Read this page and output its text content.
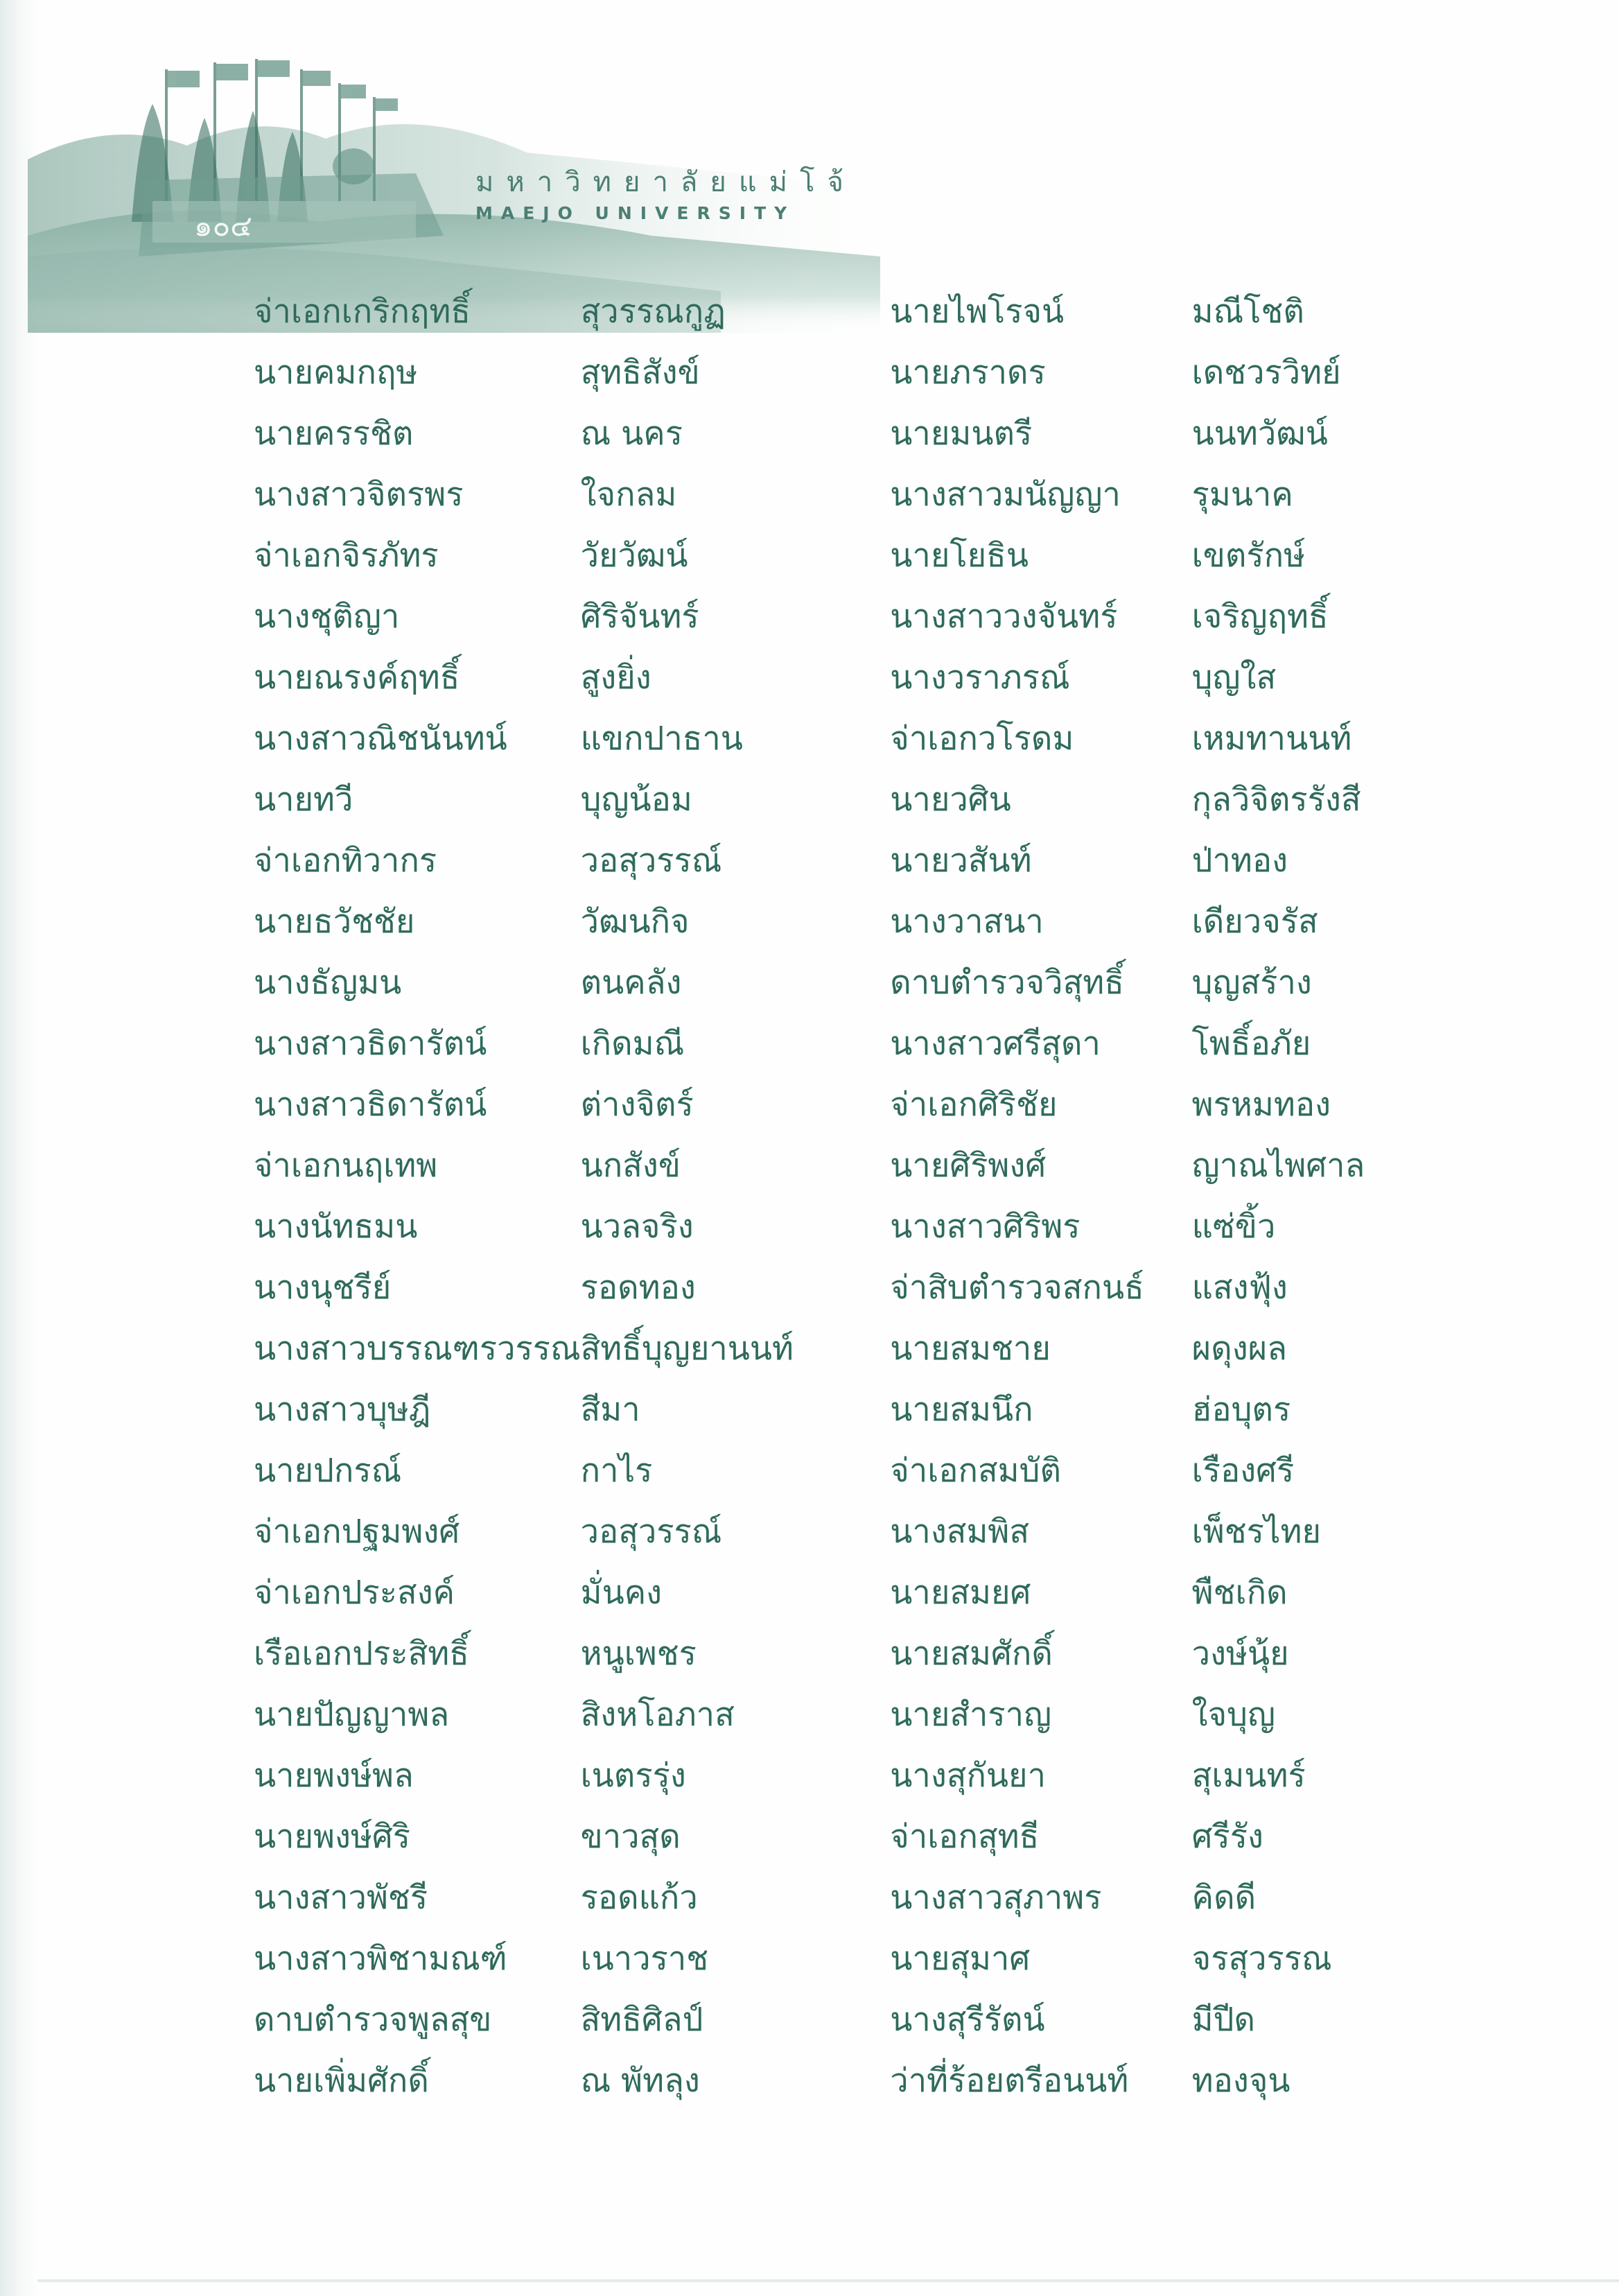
๑๐๔
มหาวิทยาลัยแม่โจ้
MAEJO UNIVERSITY
จ่าเอกเกริกฤทธิ์	สุวรรณกูฏ	นายไพโรจน์	มณีโชติ
นายคมกฤษ	สุทธิสังข์	นายภราดร	เดชวรวิทย์
นายครรชิต	ณ นคร	นายมนตรี	นนทวัฒน์
นางสาวจิตรพร	ใจกลม	นางสาวมนัญญา	รุมนาค
จ่าเอกจิรภัทร	วัยวัฒน์	นายโยธิน	เขตรักษ์
นางชุติญา	ศิริจันทร์	นางสาววงจันทร์	เจริญฤทธิ์
นายณรงค์ฤทธิ์	สูงยิ่ง	นางวราภรณ์	บุญใส
นางสาวณิชนันทน์	แขกปาธาน	จ่าเอกวโรดม	เหมทานนท์
นายทวี	บุญน้อม	นายวศิน	กุลวิจิตรรังสี
จ่าเอกทิวากร	วอสุวรรณ์	นายวสันท์	ป่าทอง
นายธวัชชัย	วัฒนกิจ	นางวาสนา	เดียวจรัส
นางธัญมน	ตนคลัง	ดาบตำรวจวิสุทธิ์	บุญสร้าง
นางสาวธิดารัตน์	เกิดมณี	นางสาวศรีสุดา	โพธิ์อภัย
นางสาวธิดารัตน์	ต่างจิตร์	จ่าเอกศิริชัย	พรหมทอง
จ่าเอกนฤเทพ	นกสังข์	นายศิริพงศ์	ญาณไพศาล
นางนัทธมน	นวลจริง	นางสาวศิริพร	แซ่ขิ้ว
นางนุชรีย์	รอดทอง	จ่าสิบตำรวจสกนธ์	แสงฟุ้ง
นางสาวบรรณฑรวรรณ	สิทธิ์บุญยานนท์	นายสมชาย	ผดุงผล
นางสาวบุษฎี	สีมา	นายสมนึก	ฮ่อบุตร
นายปกรณ์	กาไร	จ่าเอกสมบัติ	เรืองศรี
จ่าเอกปฐมพงศ์	วอสุวรรณ์	นางสมพิส	เพ็ชรไทย
จ่าเอกประสงค์	มั่นคง	นายสมยศ	พืชเกิด
เรือเอกประสิทธิ์	หนูเพชร	นายสมศักดิ์	วงษ์นุ้ย
นายปัญญาพล	สิงหโอภาส	นายสำราญ	ใจบุญ
นายพงษ์พล	เนตรรุ่ง	นางสุกันยา	สุเมนทร์
นายพงษ์ศิริ	ขาวสุด	จ่าเอกสุทธี	ศรีรัง
นางสาวพัชรี	รอดแก้ว	นางสาวสุภาพร	คิดดี
นางสาวพิชามณฑ์	เนาวราช	นายสุมาศ	จรสุวรรณ
ดาบตำรวจพูลสุข	สิทธิศิลป์	นางสุรีรัตน์	มีปีด
นายเพิ่มศักดิ์	ณ พัทลุง	ว่าที่ร้อยตรีอนนท์	ทองจุน
